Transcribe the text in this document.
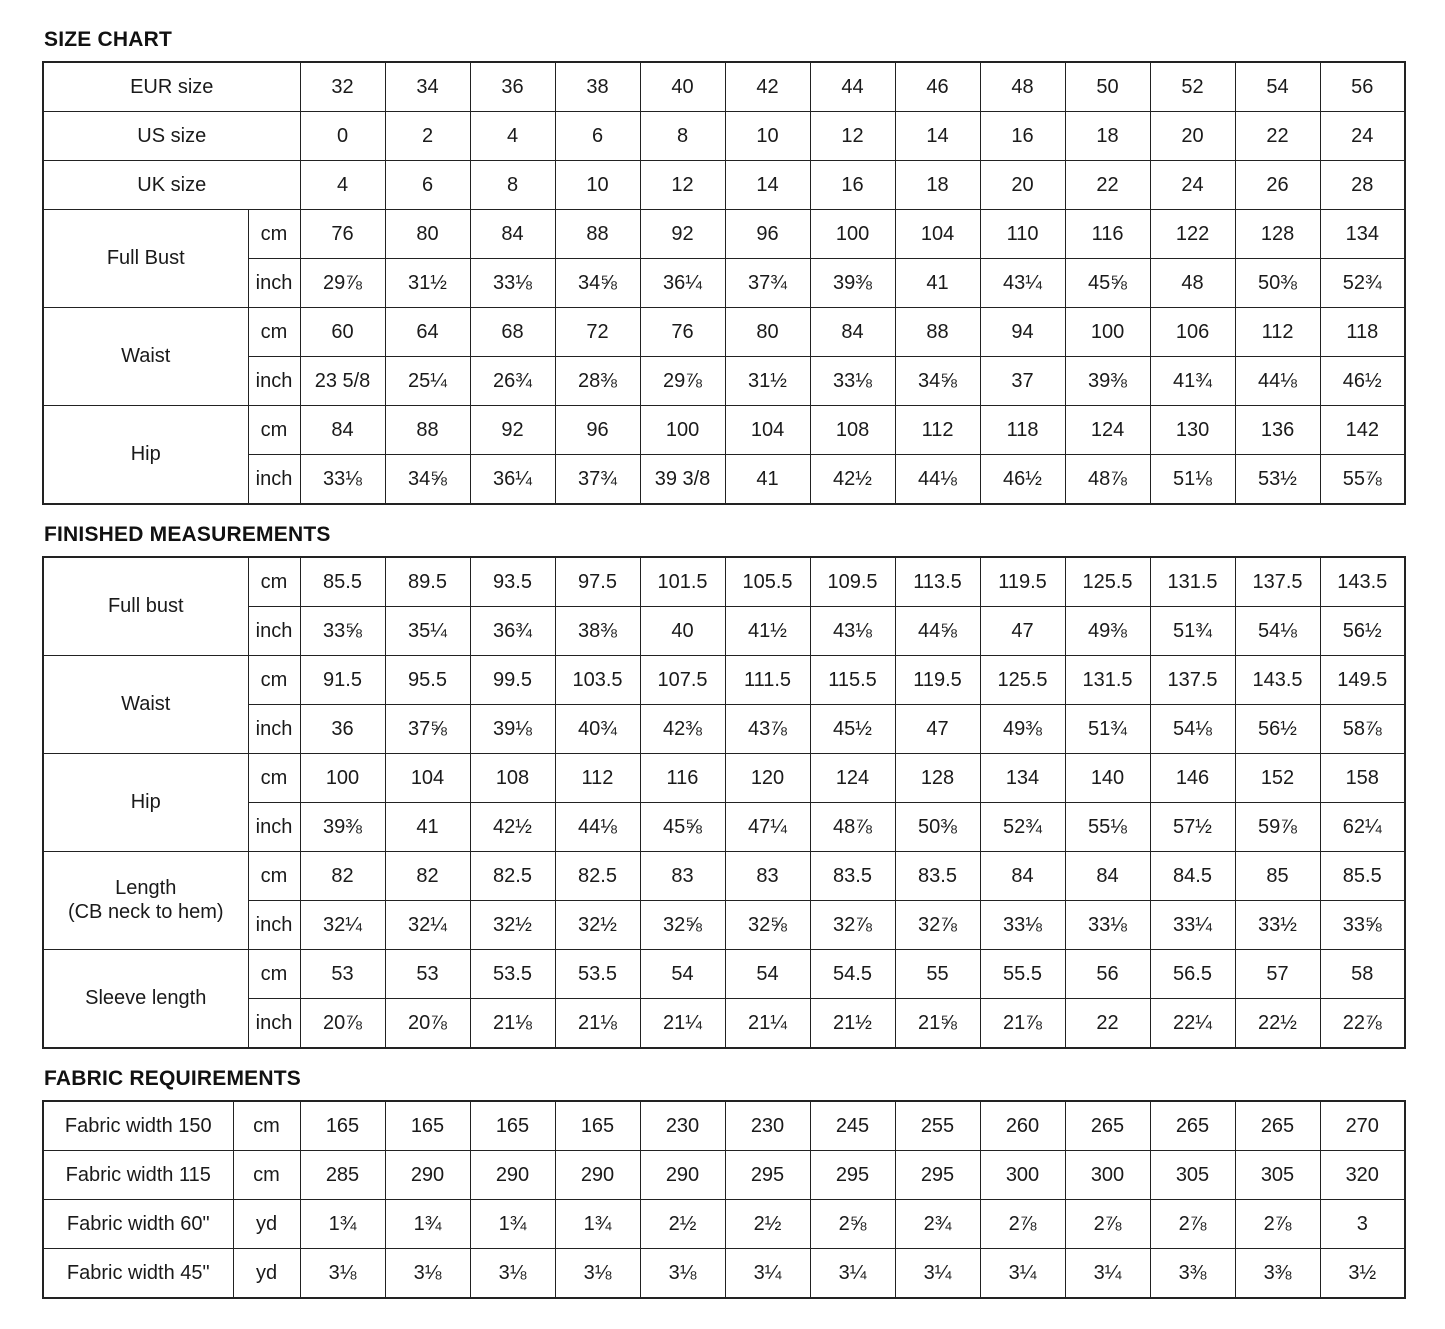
SIZE CHART
EUR size		32	34	36	38	40	42	44	46	48	50	52	54	56
US size		0	2	4	6	8	10	12	14	16	18	20	22	24
UK size		4	6	8	10	12	14	16	18	20	22	24	26	28
Full Bust	cm	76	80	84	88	92	96	100	104	110	116	122	128	134
	inch	29⅞	31½	33⅛	34⅝	36¼	37¾	39⅜	41	43¼	45⅝	48	50⅜	52¾
Waist	cm	60	64	68	72	76	80	84	88	94	100	106	112	118
	inch	23 5/8	25¼	26¾	28⅜	29⅞	31½	33⅛	34⅝	37	39⅜	41¾	44⅛	46½
Hip	cm	84	88	92	96	100	104	108	112	118	124	130	136	142
	inch	33⅛	34⅝	36¼	37¾	39 3/8	41	42½	44⅛	46½	48⅞	51⅛	53½	55⅞
FINISHED MEASUREMENTS
Full bust	cm	85.5	89.5	93.5	97.5	101.5	105.5	109.5	113.5	119.5	125.5	131.5	137.5	143.5
	inch	33⅝	35¼	36¾	38⅜	40	41½	43⅛	44⅝	47	49⅜	51¾	54⅛	56½
Waist	cm	91.5	95.5	99.5	103.5	107.5	111.5	115.5	119.5	125.5	131.5	137.5	143.5	149.5
	inch	36	37⅝	39⅛	40¾	42⅜	43⅞	45½	47	49⅜	51¾	54⅛	56½	58⅞
Hip	cm	100	104	108	112	116	120	124	128	134	140	146	152	158
	inch	39⅜	41	42½	44⅛	45⅝	47¼	48⅞	50⅜	52¾	55⅛	57½	59⅞	62¼
Length
(CB neck to hem)	cm	82	82	82.5	82.5	83	83	83.5	83.5	84	84	84.5	85	85.5
	inch	32¼	32¼	32½	32½	32⅝	32⅝	32⅞	32⅞	33⅛	33⅛	33¼	33½	33⅝
Sleeve length	cm	53	53	53.5	53.5	54	54	54.5	55	55.5	56	56.5	57	58
	inch	20⅞	20⅞	21⅛	21⅛	21¼	21¼	21½	21⅝	21⅞	22	22¼	22½	22⅞
FABRIC REQUIREMENTS
Fabric width 150	cm	165	165	165	165	230	230	245	255	260	265	265	265	270
Fabric width 115	cm	285	290	290	290	290	295	295	295	300	300	305	305	320
Fabric width 60"	yd	1¾	1¾	1¾	1¾	2½	2½	2⅝	2¾	2⅞	2⅞	2⅞	2⅞	3
Fabric width 45"	yd	3⅛	3⅛	3⅛	3⅛	3⅛	3¼	3¼	3¼	3¼	3¼	3⅜	3⅜	3½
